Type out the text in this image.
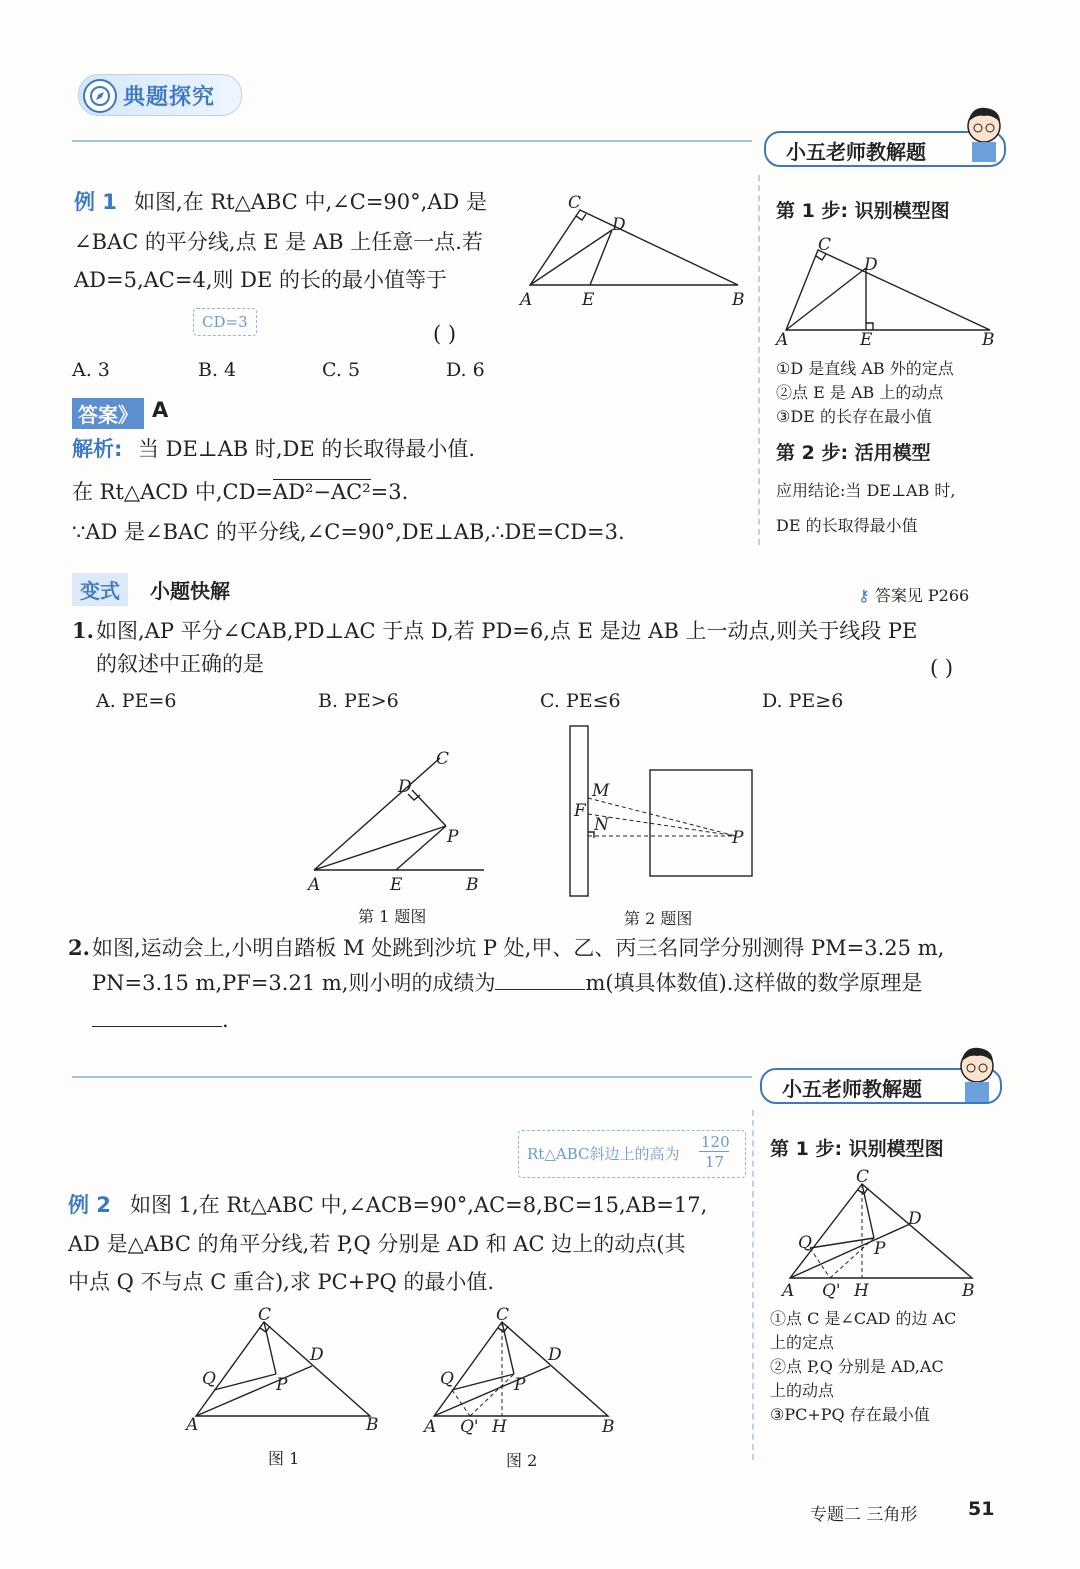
典题探究
小五老师教解题
小五老师教解题
例 1 如图,在 Rt△ABC 中,∠C=90°,AD 是
∠BAC 的平分线,点 E 是 AB 上任意一点.若
AD=5,AC=4,则 DE 的长的最小值等于
CD=3	( )
A. 3	B. 4	C. 5	D. 6
答案》 A
解析: 当 DE⊥AB 时,DE 的长取得最小值.
在 Rt△ACD 中,CD=AD²−AC²=3.
∵AD 是∠BAC 的平分线,∠C=90°,DE⊥AB,∴DE=CD=3.
C
D
A	E	B
第 1 步: 识别模型图
C
D
A	E	B
①D 是直线 AB 外的定点
②点 E 是 AB 上的动点
③DE 的长存在最小值
第 2 步: 活用模型
应用结论:当 DE⊥AB 时,
DE 的长取得最小值
变式	小题快解	⚷ 答案见 P266
1. 如图,AP 平分∠CAB,PD⊥AC 于点 D,若 PD=6,点 E 是边 AB 上一动点,则关于线段 PE
的叙述中正确的是	( )
A. PE=6	B. PE>6	C. PE≤6	D. PE≥6
C
D
P
A	E	B
第 1 题图
M
F
N
P
第 2 题图
2. 如图,运动会上,小明自踏板 M 处跳到沙坑 P 处,甲、乙、丙三名同学分别测得 PM=3.25 m,
PN=3.15 m,PF=3.21 m,则小明的成绩为	m(填具体数值).这样做的数学原理是
.
Rt△ABC斜边上的高为
120
17
例 2 如图 1,在 Rt△ABC 中,∠ACB=90°,AC=8,BC=15,AB=17,
AD 是△ABC 的角平分线,若 P,Q 分别是 AD 和 AC 边上的动点(其
中点 Q 不与点 C 重合),求 PC+PQ 的最小值.
C
D
Q	P
A	B
图 1
C
D
Q	P
A Q' H	B
图 2
第 1 步: 识别模型图
C
D
Q	P
A Q' H	B
①点 C 是∠CAD 的边 AC
上的定点
②点 P,Q 分别是 AD,AC
上的动点
③PC+PQ 存在最小值
专题二 三角形	51
